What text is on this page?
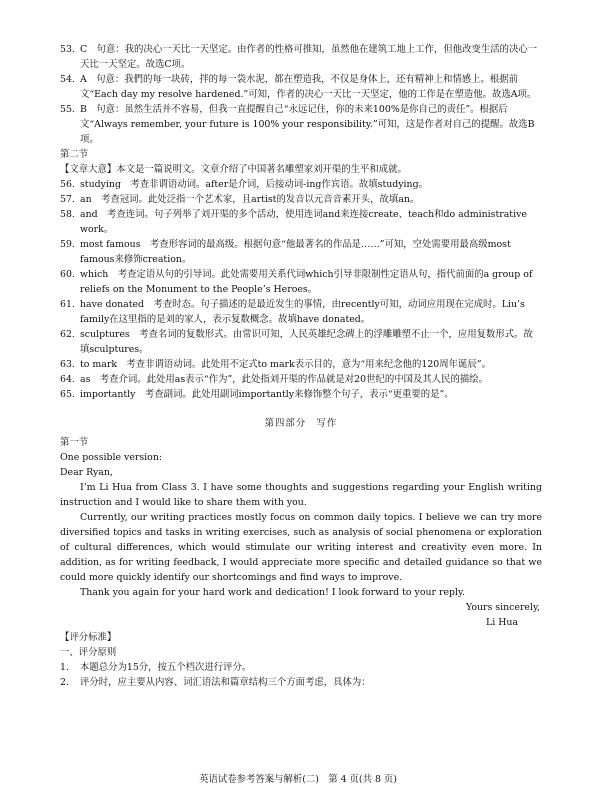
53. C　句意：我的决心一天比一天坚定。由作者的性格可推知，虽然他在建筑工地上工作，但他改变生活的决心一天比一天坚定。故选C项。
54. A　句意：我們的每一块砖，拌的每一袋水泥，都在塑造我，不仅是身体上，还有精神上和情感上。根据前文“Each day my resolve hardened.”可知，作者的决心一天比一天坚定，他的工作是在塑造他。故选A项。
55. B　句意：虽然生活并不容易，但我一直提醒自己“永远记住，你的未来100%是你自己的责任”。根据后文“Always remember, your future is 100% your responsibility.”可知，这是作者对自己的提醒。故选B项。

第二节

【文章大意】本文是一篇说明文。文章介绍了中国著名雕塑家刘开渠的生平和成就。

56. studying　考查非谓语动词。after是介词，后接动词-ing作宾语。故填studying。
57. an　考查冠词。此处泛指一个艺术家，且artist的发音以元音音素开头，故填an。
58. and　考查连词。句子列举了刘开渠的多个活动，使用连词and来连接create、teach和do administrative work。
59. most famous　考查形容词的最高级。根据句意“他最著名的作品是……”可知，空处需要用最高级most famous来修饰creation。
60. which　考查定语从句的引导词。此处需要用关系代词which引导非限制性定语从句，指代前面的a group of reliefs on the Monument to the People’s Heroes。
61. have donated　考查时态。句子描述的是最近发生的事情，由recently可知，动词应用现在完成时。Liu’s family在这里指的是刘的家人，表示复数概念。故填have donated。
62. sculptures　考查名词的复数形式。由常识可知，人民英雄纪念碑上的浮雕雕塑不止一个，应用复数形式。故填sculptures。
63. to mark　考查非谓语动词。此处用不定式to mark表示目的，意为“用来纪念他的120周年诞辰”。
64. as　考查介词。此处用as表示“作为”，此处指刘开渠的作品就是对20世纪的中国及其人民的描绘。
65. importantly　考查副词。此处用副词importantly来修饰整个句子，表示“更重要的是”。

第四部分　写作

第一节

One possible version:

Dear Ryan,

I’m Li Hua from Class 3. I have some thoughts and suggestions regarding your English writing instruction and I would like to share them with you.

Currently, our writing practices mostly focus on common daily topics. I believe we can try more diversified topics and tasks in writing exercises, such as analysis of social phenomena or exploration of cultural differences, which would stimulate our writing interest and creativity even more. In addition, as for writing feedback, I would appreciate more specific and detailed guidance so that we could more quickly identify our shortcomings and find ways to improve.

Thank you again for your hard work and dedication! I look forward to your reply.

Yours sincerely,

Li Hua

【评分标准】

一、评分原则

1.	本题总分为15分，按五个档次进行评分。
2.	评分时，应主要从内容、词汇语法和篇章结构三个方面考虑，具体为：
英语试卷参考答案与解析(二)　第 4 页(共 8 页)
